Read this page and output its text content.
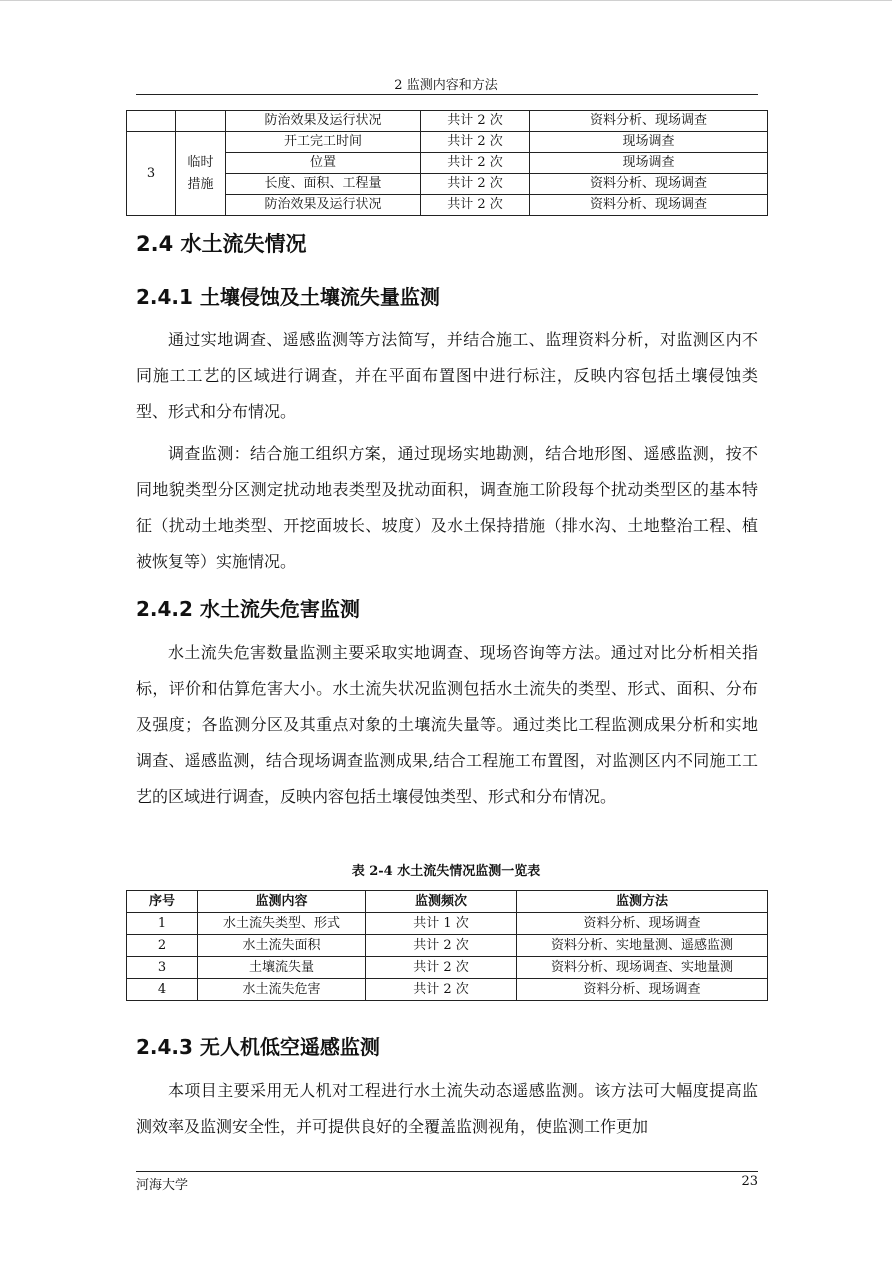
2 监测内容和方法
		防治效果及运行状况	共计 2 次	资料分析、现场调查
3	临时措施	开工完工时间	共计 2 次	现场调查
		位置	共计 2 次	现场调查
		长度、面积、工程量	共计 2 次	资料分析、现场调查
		防治效果及运行状况	共计 2 次	资料分析、现场调查
2.4 水土流失情况
2.4.1 土壤侵蚀及土壤流失量监测
通过实地调查、遥感监测等方法简写，并结合施工、监理资料分析，对监测区内不同施工工艺的区域进行调查，并在平面布置图中进行标注，反映内容包括土壤侵蚀类型、形式和分布情况。
调查监测：结合施工组织方案，通过现场实地勘测，结合地形图、遥感监测，按不同地貌类型分区测定扰动地表类型及扰动面积，调查施工阶段每个扰动类型区的基本特征（扰动土地类型、开挖面坡长、坡度）及水土保持措施（排水沟、土地整治工程、植被恢复等）实施情况。
2.4.2 水土流失危害监测
水土流失危害数量监测主要采取实地调查、现场咨询等方法。通过对比分析相关指标，评价和估算危害大小。水土流失状况监测包括水土流失的类型、形式、面积、分布及强度；各监测分区及其重点对象的土壤流失量等。通过类比工程监测成果分析和实地调查、遥感监测，结合现场调查监测成果,结合工程施工布置图，对监测区内不同施工工艺的区域进行调查，反映内容包括土壤侵蚀类型、形式和分布情况。
表 2-4 水土流失情况监测一览表
序号	监测内容	监测频次	监测方法
1	水土流失类型、形式	共计 1 次	资料分析、现场调查
2	水土流失面积	共计 2 次	资料分析、实地量测、遥感监测
3	土壤流失量	共计 2 次	资料分析、现场调查、实地量测
4	水土流失危害	共计 2 次	资料分析、现场调查
2.4.3 无人机低空遥感监测
本项目主要采用无人机对工程进行水土流失动态遥感监测。该方法可大幅度提高监测效率及监测安全性，并可提供良好的全覆盖监测视角，使监测工作更加
河海大学	23
